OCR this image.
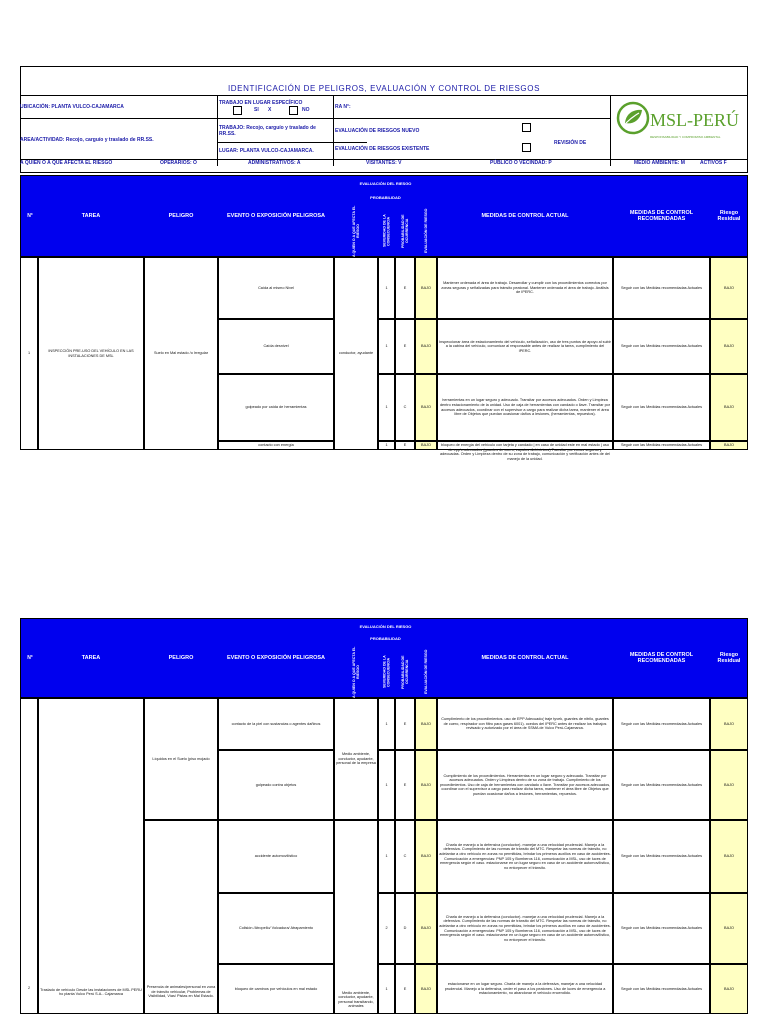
IDENTIFICACIÓN DE PELIGROS, EVALUACIÓN Y CONTROL DE RIESGOS
UBICACIÓN: PLANTA VULCO-CAJAMARCA
TRABAJO EN LUGAR ESPECÍFICO
SI X	NO	RA N°:
AREA/ACTIVIDAD: Recojo, carguío y traslado de RR.SS.
TRABAJO: Recojo, carguío y traslado de RR.SS.	EVALUACIÓN DE RIESGOS NUEVO
REVISIÓN DE
LUGAR: PLANTA VULCO-CAJAMARCA.	EVALUACIÓN DE RIESGOS EXISTENTE
MSL-PERÚ
RESPONSABILIDAD Y COMPROMISO AMBIENTAL
A QUIEN O A QUE AFECTA EL RIESGO	OPERARIOS: O	ADMINISTRATIVOS: A	VISITANTES: V	PÚBLICO O VECINDAD: P	MEDIO AMBIENTE: M	ACTIVOS F
N°	TAREA	PELIGRO	EVENTO O EXPOSICIÓN PELIGROSA
EVALUACIÓN DEL RIESGO
PROBABILIDAD
A QUIEN O A QUE AFECTA EL RIESGO	SEVERIDAD DE LA CONSECUENCIA	PROBABILIDAD DE OCURRENCIA	EVALUACIÓN DE RIESGO	MEDIDAS DE CONTROL ACTUAL	MEDIDAS DE CONTROL RECOMENDADAS
Riesgo Residual
1
INSPECCIÓN PRE-USO DEL VEHÍCULO EN LAS INSTALACIONES DE MSL
Suelo en Mal estado /o Irregular	conductor, ayudante
Caída al mismo Nivel	1	E	BAJO
Mantener ordenada el área de trabajo. Desarrollar y cumplir con los procedimientos correctos por zonas seguras y señalizadas para tránsito peatonal. Mantener ordenada el área de trabajo. Análisis de IPERC.
Seguir con las Medidas recomendadas Actuales	BAJO
Caída desnivel	1	E	BAJO
Inspeccionar área de estacionamiento del vehículo, señalización, uso de tres puntos de apoyo al subir a la cabina del vehículo, comunicar al responsable antes de realizar la tarea, cumplimiento del IPERC.
Seguir con las Medidas recomendadas Actuales	BAJO
golpeado por caída de herramientas	1	C	BAJO
herramientas en un lugar seguro y adecuado. Transitar por accesos adecuados. Orden y Limpieza dentro estacionamiento de la unidad. Uso de caja de herramientas con candado o llave. Transitar por accesos adecuados, coordinar con el supervisor a cargo para realizar dicha tarea, mantener el área libre de Objetos que puedan ocasionar daños a lesiones, (herramientas, repuestos).
Seguir con las Medidas recomendadas Actuales	BAJO
contacto con energía	1	E	BAJO	bloqueo de energía del vehículo con tarjeta y candado | en caso de unidad este en mal estado | uso de epp's adecuados (guantes de cuero, zapatos dieléctricos) Transitar por zonas seguras y adecuadas. Orden y Limpieza dentro de su zona de trabajo, comunicación y verificación antes de del manejo de la unidad.
Seguir con las Medidas recomendadas Actuales	BAJO
N°	TAREA	PELIGRO	EVENTO O EXPOSICIÓN PELIGROSA
EVALUACIÓN DEL RIESGO
PROBABILIDAD
A QUIEN O A QUE AFECTA EL RIESGO	SEVERIDAD DE LA CONSECUENCIA	PROBABILIDAD DE OCURRENCIA	EVALUACIÓN DE RIESGO	MEDIDAS DE CONTROL ACTUAL	MEDIDAS DE CONTROL RECOMENDADAS
Riesgo Residual
2	Traslado de vehículo Desde las instalaciones de MSL PERU ho planta Vulco Perú S.A.- Cajamarca
Líquidos en el Suelo (piso mojado
Presencia de animales/personal en zona de tránsito vehicular, Problemas de Visibilidad, Vías/ Pistas en Mal Estado.
Medio ambiente, conductor, ayudante, personal de la empresa
Medio ambiente, conductor, ayudante, personal transitando, animales
contacto de la piel con sustancias o agentes dañinos	1	E	BAJO
Cumplimiento de los procedimientos. uso de EPP Adecuado( traje tyvek, guantes de nitrilo, guantes de cuero, respirador con filtro para gases 6001). ocedos del IPERC antes de realizar los trabajos revisado y autorizado por el área de SSMA de Vulco Perú-Cajamarca.
Seguir con las Medidas recomendadas Actuales	BAJO
golpeado contra objetos	1	E	BAJO
Cumplimiento de los procedimientos. Herramientas en un lugar seguro y adecuado. Transitar por accesos adecuados. Orden y Limpieza dentro de su zona de trabajo. Cumplimiento de los procedimientos. Uso de caja de herramientas con candado o llave. Transitar por accesos adecuados, coordinar con el supervisor a cargo para realizar dicha tarea, mantener el área libre de Objetos que puedan ocasionar daños a lesiones, herramientas, repuestos.
Seguir con las Medidas recomendadas Actuales	BAJO
accidente automovilístico	1	C	BAJO
Charla de manejo a la defensiva (conductor). manejar a una velocidad prudencial. Manejo a la defensiva. Cumplimiento de las normas de tránsito del MTC. Respetar las normas de tránsito, no adelantar a otro vehículo en zonas no permitidas, brindar los primeros auxilios en caso de accidentes. Comunicación a emergencias: PNP 105 y Bomberos 116, comunicación a MSL, uso de luces de emergencia según el caso. estacionarse en un lugar seguro en caso de un accidente automovilístico, no entorpecer el tránsito.
Seguir con las Medidas recomendadas Actuales	BAJO
Colisión /Atropello/ Volcadura/ Atrapamiento	2	D	BAJO
Charla de manejo a la defensiva (conductor). manejar a una velocidad prudencial. Manejo a la defensiva. Cumplimiento de las normas de tránsito del MTC. Respetar las normas de tránsito, no adelantar a otro vehículo en zonas no permitidas, brindar los primeros auxilios en caso de accidentes. Comunicación a emergencias: PNP 105 y Bomberos 116, comunicación a MSL, uso de luces de emergencia según el caso. estacionarse en un lugar seguro en caso de un accidente automovilístico, no entorpecer el tránsito.
Seguir con las Medidas recomendadas Actuales	BAJO
bloqueo de caminos por vehículos en mal estado	1	E	BAJO
estacionarse en un lugar seguro. Charla de manejo a la defensiva, manejar a una velocidad prudencial. Manejo a la defensiva, ceder el paso a los peatones. Uso de luces de emergencia a estacionamiento, no abandonar el vehículo encendido.
Seguir con las Medidas recomendadas Actuales	BAJO
